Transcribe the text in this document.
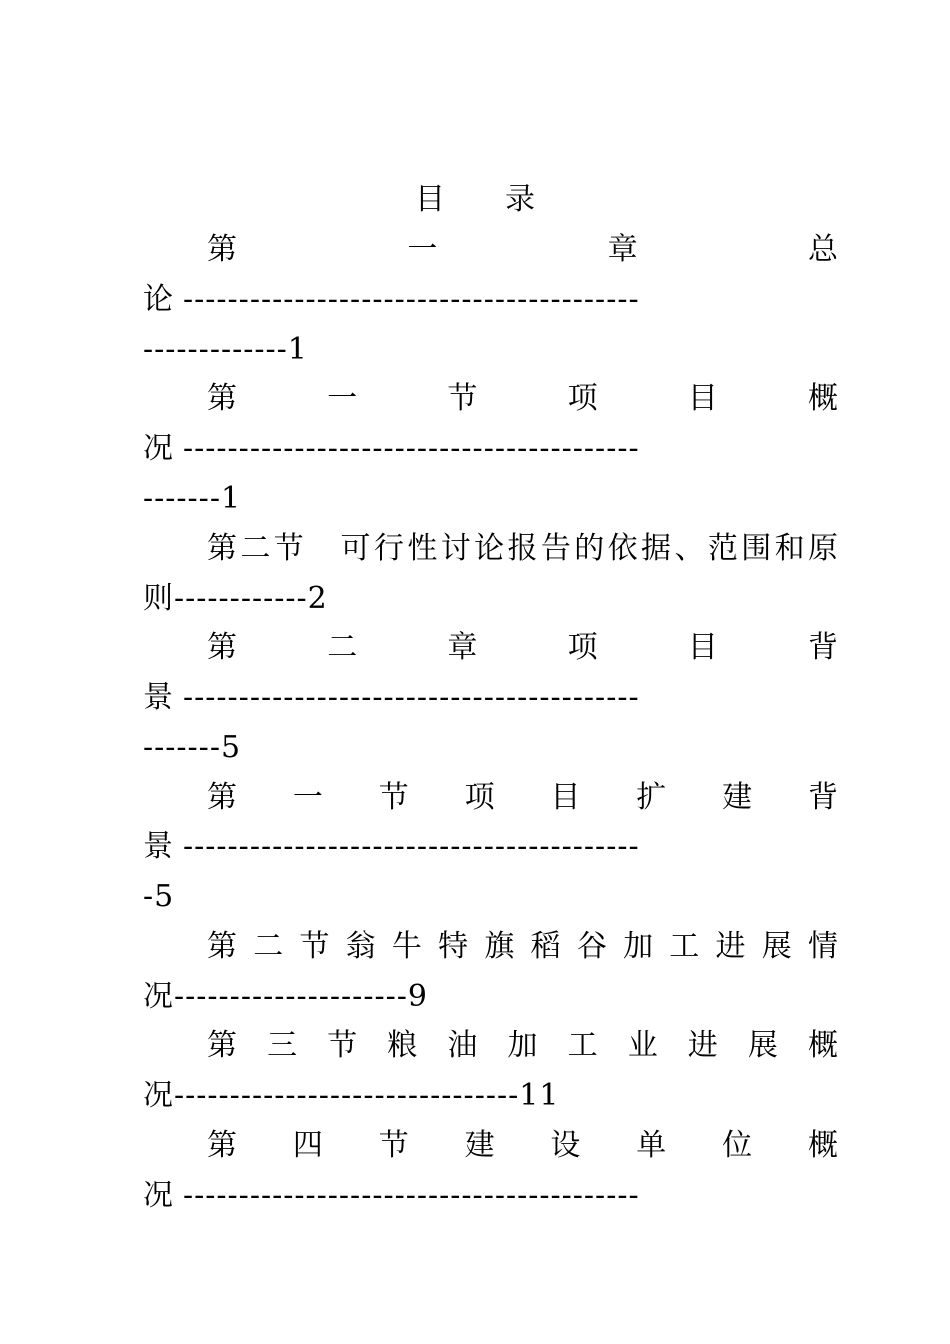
目录
第 一 章 总
论 -----------------------------------------
-------------1
第 一 节 项 目 概
况 -----------------------------------------
-------1
第二节　可行性讨论报告的依据、范围和原
则------------2
第 二 章 项 目 背
景 -----------------------------------------
-------5
第 一 节 项 目 扩 建 背
景 -----------------------------------------
-5
第 二 节 翁 牛 特 旗 稻 谷 加 工 进 展 情
况---------------------9
第 三 节 粮 油 加 工 业 进 展 概
况-------------------------------11
第 四 节 建 设 单 位 概
况 -----------------------------------------
